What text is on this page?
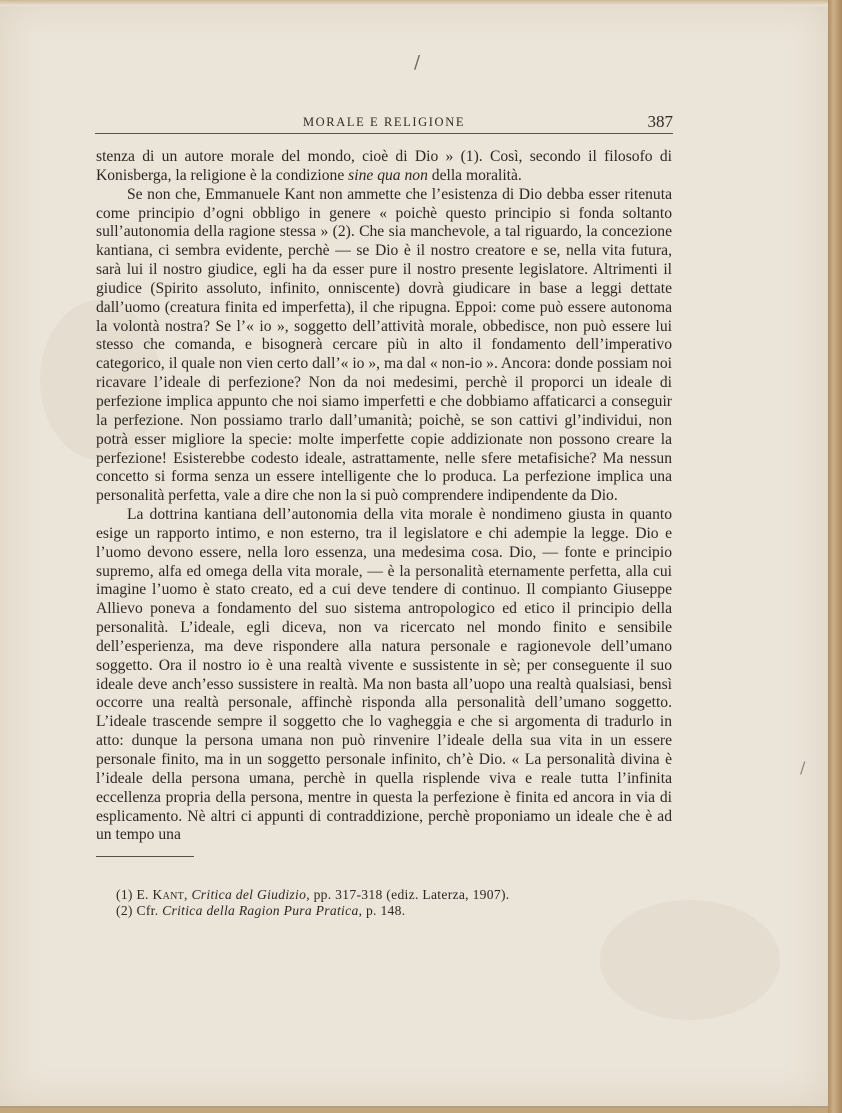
/
/
MORALE E RELIGIONE	387

stenza di un autore morale del mondo, cioè di Dio » (1). Così, secondo il filosofo di Konisberga, la religione è la condizione sine qua non della moralità.

Se non che, Emmanuele Kant non ammette che l’esistenza di Dio debba esser ritenuta come principio d’ogni obbligo in genere « poichè questo principio si fonda soltanto sull’autonomia della ragione stessa » (2). Che sia manchevole, a tal riguardo, la concezione kantiana, ci sembra evidente, perchè — se Dio è il nostro creatore e se, nella vita futura, sarà lui il nostro giudice, egli ha da esser pure il nostro presente legislatore. Altrimenti il giudice (Spirito assoluto, infinito, onniscente) dovrà giudicare in base a leggi dettate dall’uomo (creatura finita ed imperfetta), il che ripugna. Eppoi: come può essere autonoma la volontà nostra? Se l’« io », soggetto dell’attività morale, obbedisce, non può essere lui stesso che comanda, e bisognerà cercare più in alto il fondamento dell’imperativo categorico, il quale non vien certo dall’« io », ma dal « non-io ». Ancora: donde possiam noi ricavare l’ideale di perfezione? Non da noi medesimi, perchè il proporci un ideale di perfezione implica appunto che noi siamo imperfetti e che dobbiamo affaticarci a conseguir la perfezione. Non possiamo trarlo dall’umanità; poichè, se son cattivi gl’individui, non potrà esser migliore la specie: molte imperfette copie addizionate non possono creare la perfezione! Esisterebbe codesto ideale, astrattamente, nelle sfere metafisiche? Ma nessun concetto si forma senza un essere intelligente che lo produca. La perfezione implica una personalità perfetta, vale a dire che non la si può comprendere indipendente da Dio.

La dottrina kantiana dell’autonomia della vita morale è nondimeno giusta in quanto esige un rapporto intimo, e non esterno, tra il legislatore e chi adempie la legge. Dio e l’uomo devono essere, nella loro essenza, una medesima cosa. Dio, — fonte e principio supremo, alfa ed omega della vita morale, — è la personalità eternamente perfetta, alla cui imagine l’uomo è stato creato, ed a cui deve tendere di continuo. Il compianto Giuseppe Allievo poneva a fondamento del suo sistema antropologico ed etico il principio della personalità. L’ideale, egli diceva, non va ricercato nel mondo finito e sensibile dell’esperienza, ma deve rispondere alla natura personale e ragionevole dell’umano soggetto. Ora il nostro io è una realtà vivente e sussistente in sè; per conseguente il suo ideale deve anch’esso sussistere in realtà. Ma non basta all’uopo una realtà qualsiasi, bensì occorre una realtà personale, affinchè risponda alla personalità dell’umano soggetto. L’ideale trascende sempre il soggetto che lo vagheggia e che si argomenta di tradurlo in atto: dunque la persona umana non può rinvenire l’ideale della sua vita in un essere personale finito, ma in un soggetto personale infinito, ch’è Dio. « La personalità divina è l’ideale della persona umana, perchè in quella risplende viva e reale tutta l’infinita eccellenza propria della persona, mentre in questa la perfezione è finita ed ancora in via di esplicamento. Nè altri ci appunti di contraddizione, perchè proponiamo un ideale che è ad un tempo una

(1) E. Kant, Critica del Giudizio, pp. 317-318 (ediz. Laterza, 1907).
(2) Cfr. Critica della Ragion Pura Pratica, p. 148.
